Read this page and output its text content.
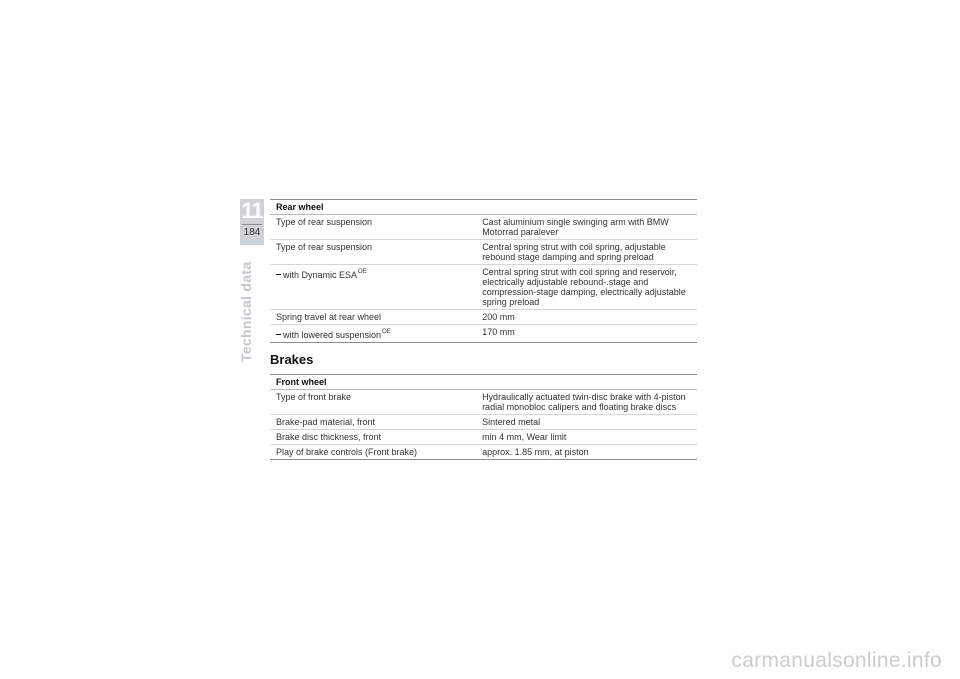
11
184
Technical data
Rear wheel	
Type of rear suspension	Cast aluminium single swinging arm with BMW Motorrad paralever
Type of rear suspension	Central spring strut with coil spring, adjustable rebound stage damping and spring preload
with Dynamic $ESA^{OE}$	Central spring strut with coil spring and reservoir, electrically adjustable rebound-.stage and compression-stage damping, electrically adjustable spring preload
Spring travel at rear wheel	200 mm
with lowered suspension$^{OE}$	170 mm
Brakes
Front wheel	
Type of front brake	Hydraulically actuated twin-disc brake with 4-piston radial monobloc calipers and floating brake discs
Brake-pad material, front	Sintered metal
Brake disc thickness, front	min 4 mm, Wear limit
Play of brake controls (Front brake)	approx. 1.85 mm, at piston
carmanualsonline.info
